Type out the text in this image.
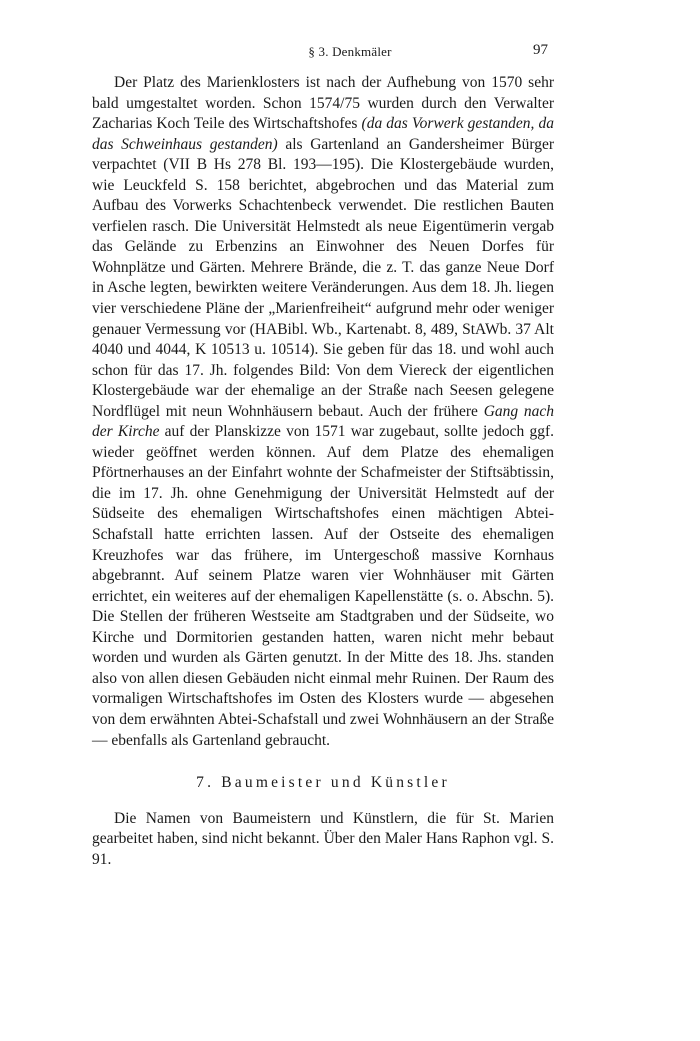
§ 3. Denkmäler	97

Der Platz des Marienklosters ist nach der Aufhebung von 1570 sehr bald umgestaltet worden. Schon 1574/75 wurden durch den Verwalter Zacharias Koch Teile des Wirtschaftshofes (da das Vorwerk gestanden, da das Schweinhaus gestanden) als Gartenland an Gandersheimer Bürger verpachtet (VII B Hs 278 Bl. 193—195). Die Klostergebäude wurden, wie Leuckfeld S. 158 berichtet, abgebrochen und das Material zum Aufbau des Vorwerks Schachtenbeck verwendet. Die restlichen Bauten verfielen rasch. Die Universität Helmstedt als neue Eigentümerin vergab das Gelände zu Erbenzins an Einwohner des Neuen Dorfes für Wohnplätze und Gärten. Mehrere Brände, die z. T. das ganze Neue Dorf in Asche legten, bewirkten weitere Veränderungen. Aus dem 18. Jh. liegen vier verschiedene Pläne der „Marienfreiheit“ aufgrund mehr oder weniger genauer Vermessung vor (HABibl. Wb., Kartenabt. 8, 489, StAWb. 37 Alt 4040 und 4044, K 10513 u. 10514). Sie geben für das 18. und wohl auch schon für das 17. Jh. folgendes Bild: Von dem Viereck der eigentlichen Klostergebäude war der ehemalige an der Straße nach Seesen gelegene Nordflügel mit neun Wohnhäusern bebaut. Auch der frühere Gang nach der Kirche auf der Planskizze von 1571 war zugebaut, sollte jedoch ggf. wieder geöffnet werden können. Auf dem Platze des ehemaligen Pförtnerhauses an der Einfahrt wohnte der Schafmeister der Stiftsäbtissin, die im 17. Jh. ohne Genehmigung der Universität Helmstedt auf der Südseite des ehemaligen Wirtschaftshofes einen mächtigen Abtei-Schafstall hatte errichten lassen. Auf der Ostseite des ehemaligen Kreuzhofes war das frühere, im Untergeschoß massive Kornhaus abgebrannt. Auf seinem Platze waren vier Wohnhäuser mit Gärten errichtet, ein weiteres auf der ehemaligen Kapellenstätte (s. o. Abschn. 5). Die Stellen der früheren Westseite am Stadtgraben und der Südseite, wo Kirche und Dormitorien gestanden hatten, waren nicht mehr bebaut worden und wurden als Gärten genutzt. In der Mitte des 18. Jhs. standen also von allen diesen Gebäuden nicht einmal mehr Ruinen. Der Raum des vormaligen Wirtschaftshofes im Osten des Klosters wurde — abgesehen von dem erwähnten Abtei-Schafstall und zwei Wohnhäusern an der Straße — ebenfalls als Gartenland gebraucht.

7. Baumeister und Künstler

Die Namen von Baumeistern und Künstlern, die für St. Marien gearbeitet haben, sind nicht bekannt. Über den Maler Hans Raphon vgl. S. 91.
